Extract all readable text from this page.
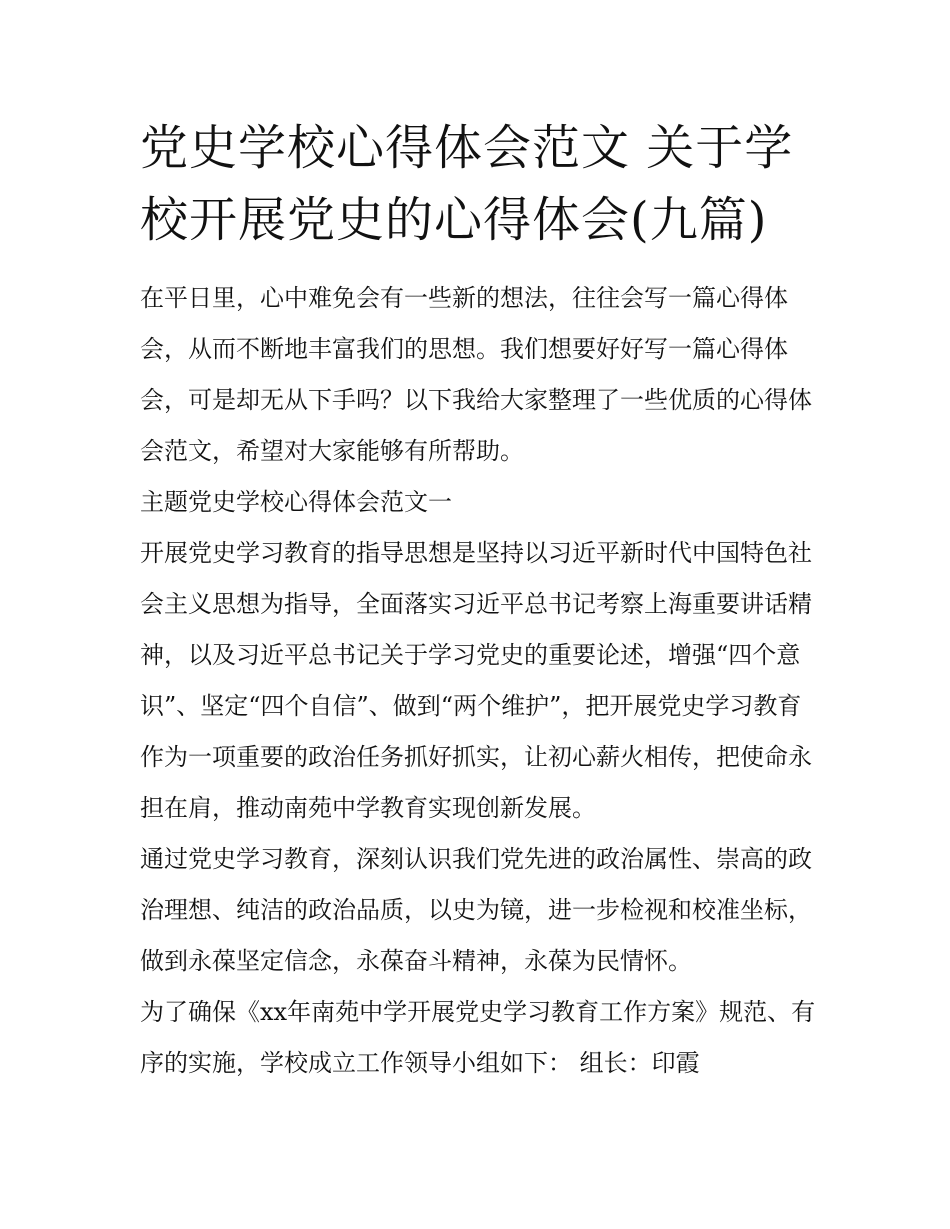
党史学校心得体会范文 关于学校开展党史的心得体会(九篇)

在平日里，心中难免会有一些新的想法，往往会写一篇心得体会，从而不断地丰富我们的思想。我们想要好好写一篇心得体会，可是却无从下手吗？以下我给大家整理了一些优质的心得体会范文，希望对大家能够有所帮助。

主题党史学校心得体会范文一

开展党史学习教育的指导思想是坚持以习近平新时代中国特色社会主义思想为指导，全面落实习近平总书记考察上海重要讲话精神，以及习近平总书记关于学习党史的重要论述，增强“四个意识”、坚定“四个自信”、做到“两个维护”，把开展党史学习教育作为一项重要的政治任务抓好抓实，让初心薪火相传，把使命永担在肩，推动南苑中学教育实现创新发展。

通过党史学习教育，深刻认识我们党先进的政治属性、崇高的政治理想、纯洁的政治品质，以史为镜，进一步检视和校准坐标，做到永葆坚定信念，永葆奋斗精神，永葆为民情怀。

为了确保《xx年南苑中学开展党史学习教育工作方案》规范、有序的实施，学校成立工作领导小组如下： 组长：印霞
